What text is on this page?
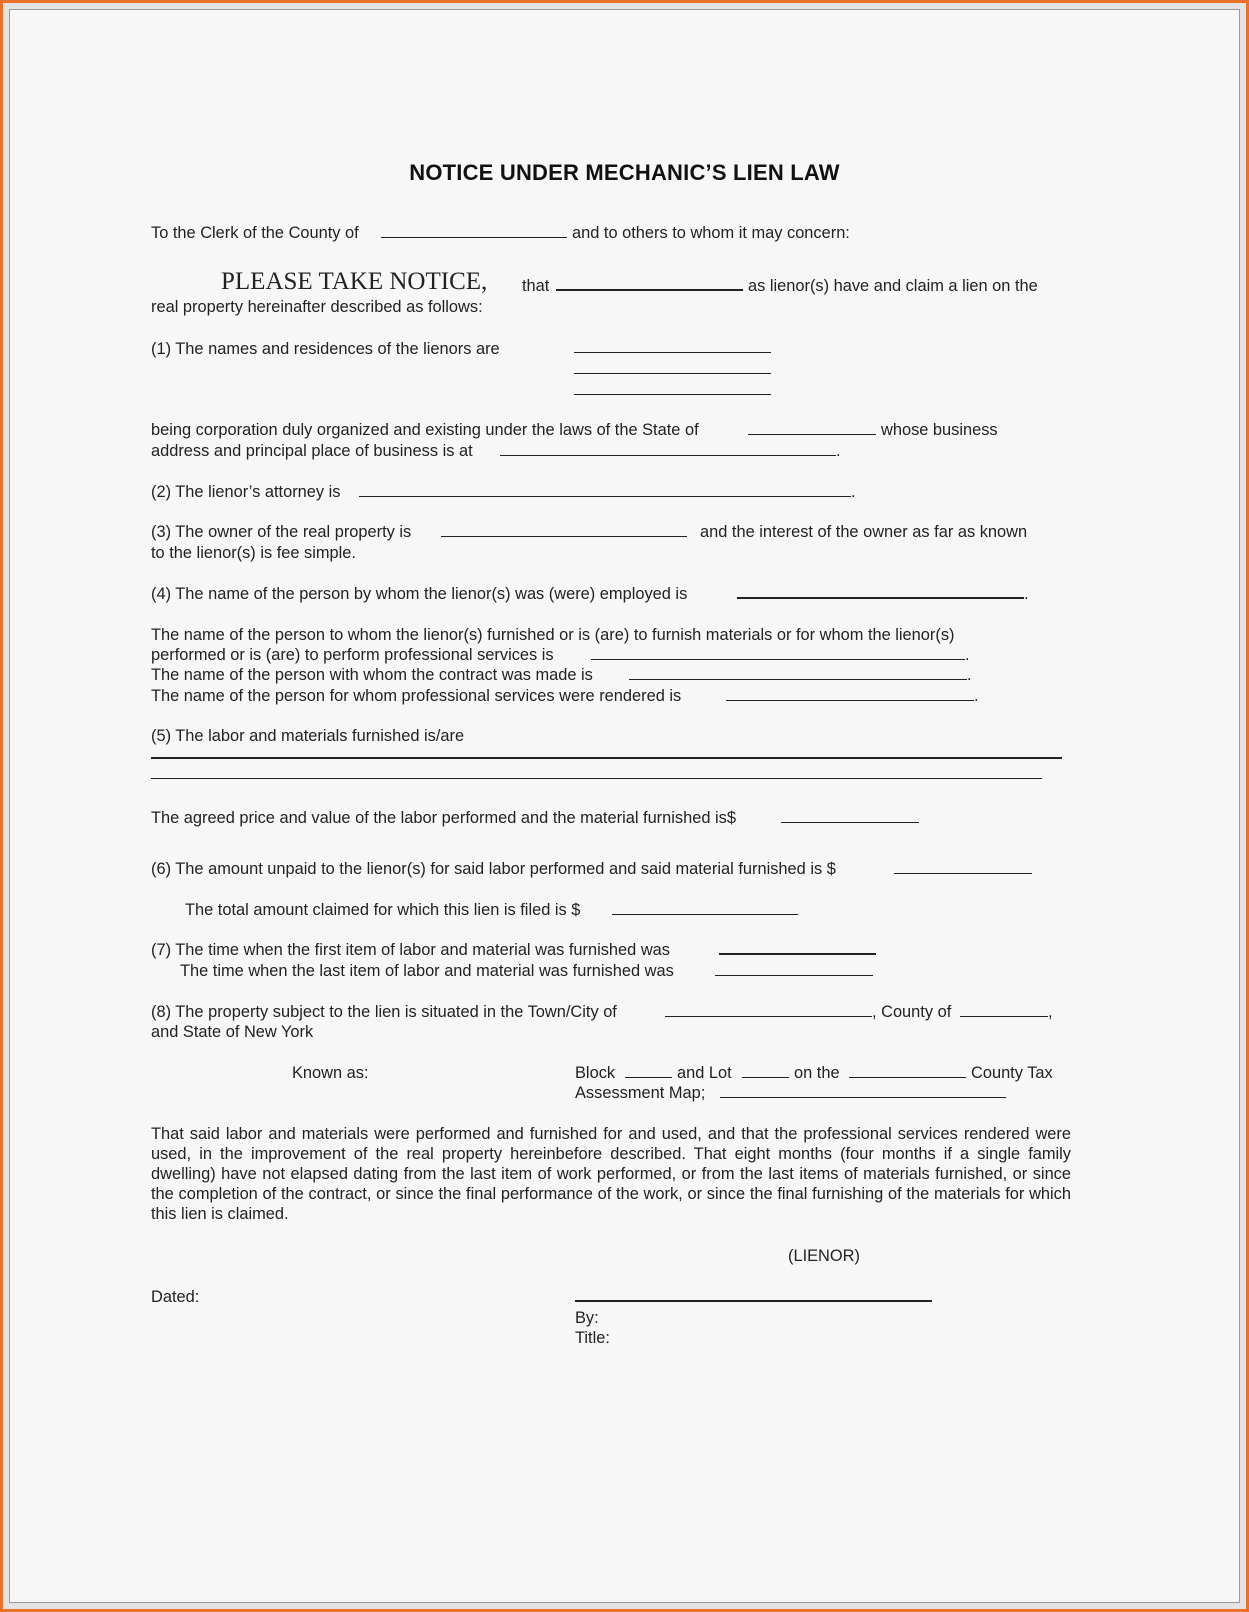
NOTICE UNDER MECHANIC’S LIEN LAW
To the Clerk of the County of	and to others to whom it may concern:
PLEASE TAKE NOTICE, that	as lienor(s) have and claim a lien on the
real property hereinafter described as follows:
(1) The names and residences of the lienors are
being corporation duly organized and existing under the laws of the State of	whose business
address and principal place of business is at	.
(2) The lienor’s attorney is	.
(3) The owner of the real property is	and the interest of the owner as far as known
to the lienor(s) is fee simple.
(4) The name of the person by whom the lienor(s) was (were) employed is	.
The name of the person to whom the lienor(s) furnished or is (are) to furnish materials or for whom the lienor(s)
performed or is (are) to perform professional services is	.
The name of the person with whom the contract was made is	.
The name of the person for whom professional services were rendered is	.
(5) The labor and materials furnished is/are
The agreed price and value of the labor performed and the material furnished is$
(6) The amount unpaid to the lienor(s) for said labor performed and said material furnished is $
The total amount claimed for which this lien is filed is $
(7) The time when the first item of labor and material was furnished was
The time when the last item of labor and material was furnished was
(8) The property subject to the lien is situated in the Town/City of	, County of	,
and State of New York
Known as:	Block	and Lot	on the	County Tax
Assessment Map;
That said labor and materials were performed and furnished for and used, and that the professional services rendered were used, in the improvement of the real property hereinbefore described. That eight months (four months if a single family dwelling) have not elapsed dating from the last item of work performed, or from the last items of materials furnished, or since the completion of the contract, or since the final performance of the work, or since the final furnishing of the materials for which this lien is claimed.
(LIENOR)
Dated:
By:
Title:
